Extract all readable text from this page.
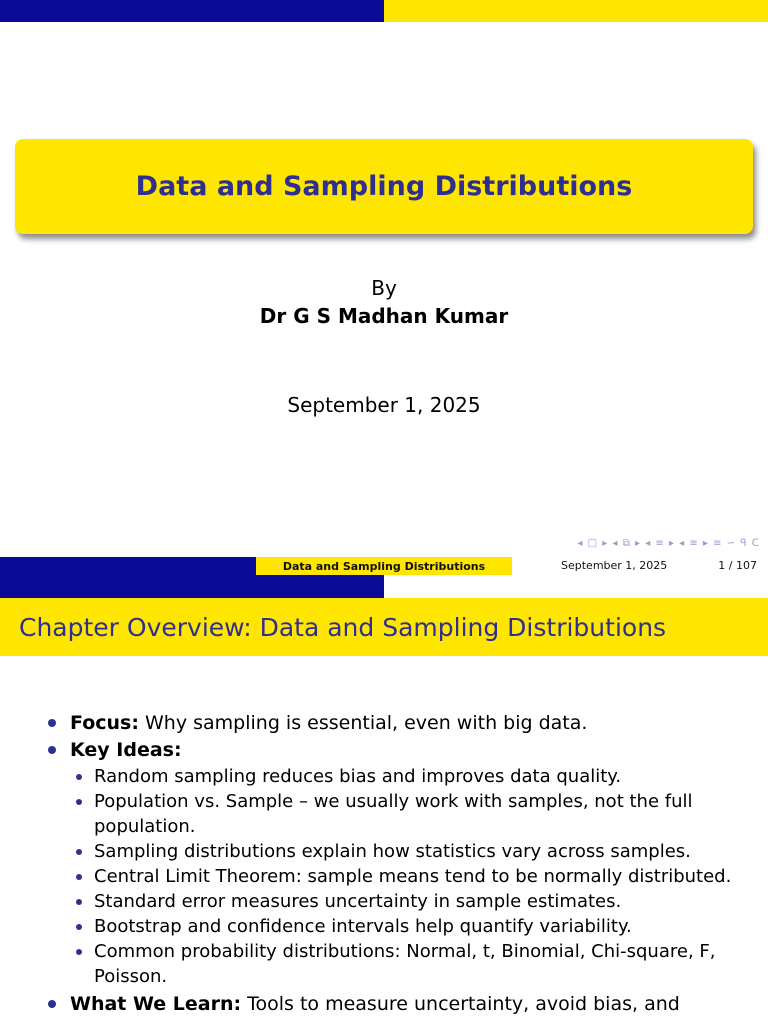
Data and Sampling Distributions
By
Dr G S Madhan Kumar
September 1, 2025
◂ □ ▸ ◂ ⧉ ▸ ◂ ≡ ▸ ◂ ≡ ▸ ≡ ∽ ᑫ ᑕ
Data and Sampling Distributions	September 1, 2025	1 / 107
Chapter Overview: Data and Sampling Distributions
Focus: Why sampling is essential, even with big data.
Key Ideas:
Random sampling reduces bias and improves data quality.
Population vs. Sample – we usually work with samples, not the full population.
Sampling distributions explain how statistics vary across samples.
Central Limit Theorem: sample means tend to be normally distributed.
Standard error measures uncertainty in sample estimates.
Bootstrap and confidence intervals help quantify variability.
Common probability distributions: Normal, t, Binomial, Chi-square, F, Poisson.
What We Learn: Tools to measure uncertainty, avoid bias, and
